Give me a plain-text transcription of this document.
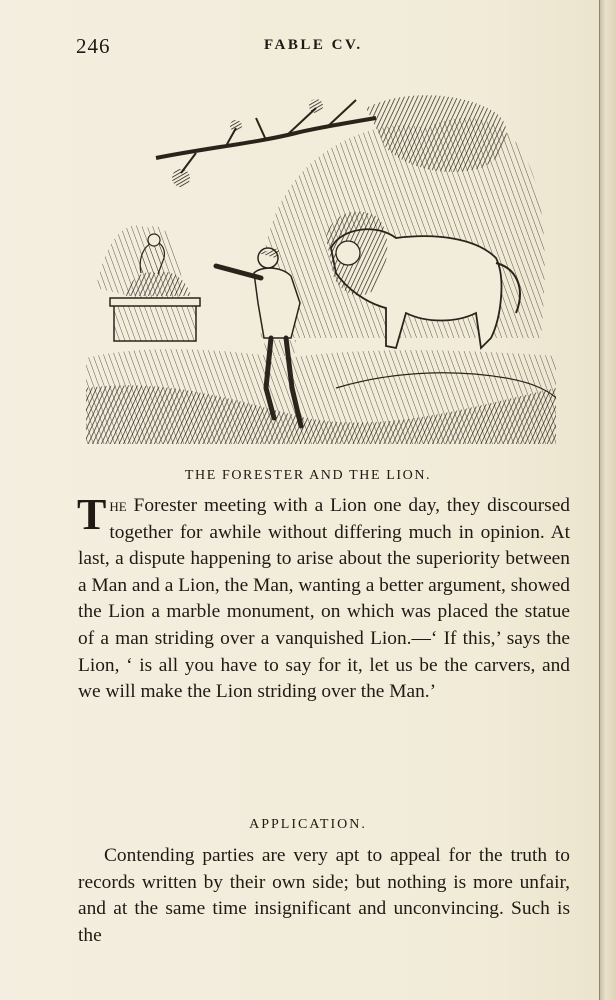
246	FABLE CV.
THE FORESTER AND THE LION.
The Forester meeting with a Lion one day, they discoursed together for awhile without differing much in opinion. At last, a dispute happening to arise about the superiority between a Man and a Lion, the Man, wanting a better argument, showed the Lion a marble monument, on which was placed the statue of a man striding over a vanquished Lion.—‘ If this,’ says the Lion, ‘ is all you have to say for it, let us be the carvers, and we will make the Lion striding over the Man.’
APPLICATION.
Contending parties are very apt to appeal for the truth to records written by their own side; but nothing is more unfair, and at the same time insignificant and unconvincing. Such is the
